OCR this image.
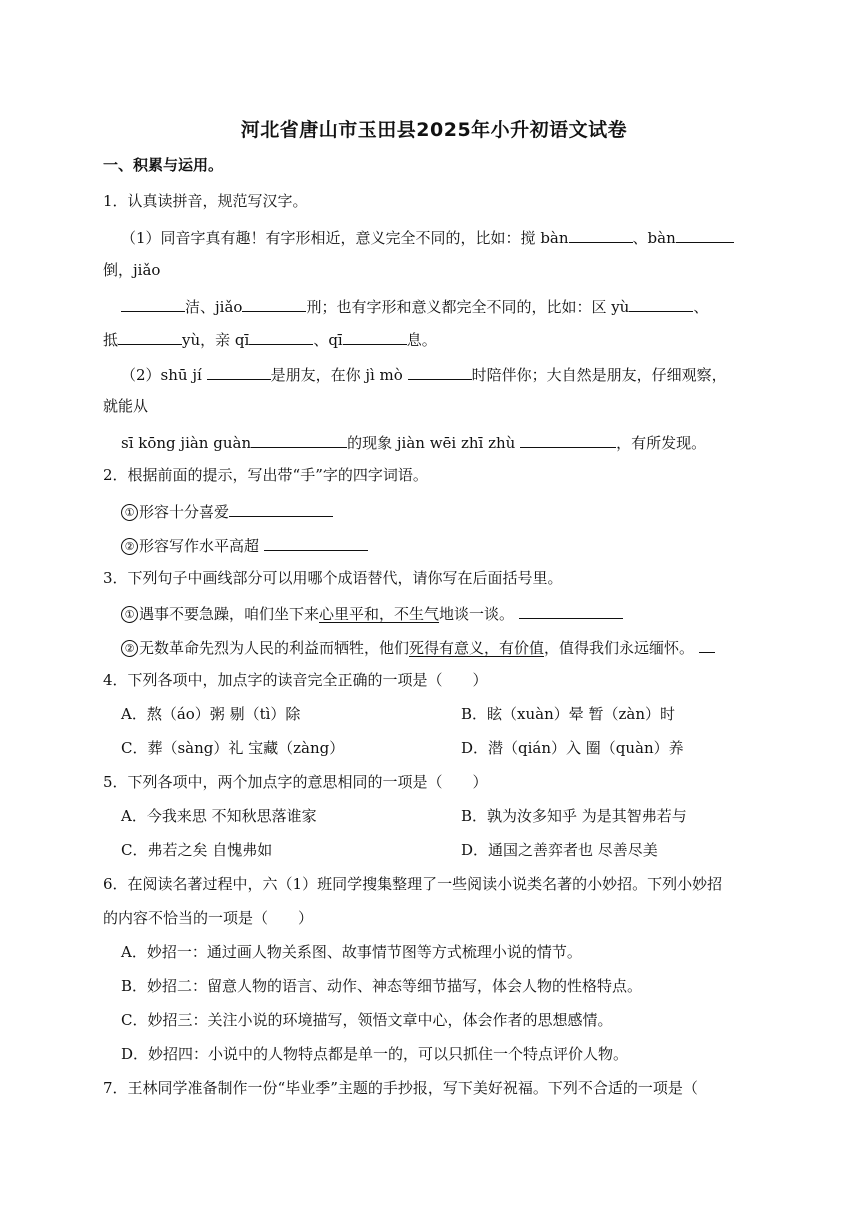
河北省唐山市玉田县2025年小升初语文试卷
一、积累与运用。
1．认真读拼音，规范写汉字。
（1）同音字真有趣！有字形相近，意义完全不同的，比如：搅 bàn	、bàn
倒，jiǎo
洁、jiǎo	刑；也有字形和意义都完全不同的，比如：区 yù	、
抵	yù，亲 qī	、qī	息。
（2）shū jí	是朋友，在你 jì mò	时陪伴你；大自然是朋友，仔细观察，
就能从
sī kōng jiàn guàn	的现象 jiàn wēi zhī zhù	，有所发现。
2．根据前面的提示，写出带“手”字的四字词语。
① 形容十分喜爱
② 形容写作水平高超
3．下列句子中画线部分可以用哪个成语替代，请你写在后面括号里。
① 遇事不要急躁，咱们坐下来心里平和，不生气地谈一谈。
② 无数革命先烈为人民的利益而牺牲，他们死得有意义，有价值，值得我们永远缅怀。
4．下列各项中，加点字的读音完全正确的一项是（　　）
A．熬（áo）粥 剔（tì）除	B．眩（xuàn）晕 暂（zàn）时
C．葬（sàng）礼 宝藏（zàng）	D．潜（qián）入 圈（quàn）养
5．下列各项中，两个加点字的意思相同的一项是（　　）
A．今我来思 不知秋思落谁家	B．孰为汝多知乎 为是其智弗若与
C．弗若之矣 自愧弗如	D．通国之善弈者也 尽善尽美
6．在阅读名著过程中，六（1）班同学搜集整理了一些阅读小说类名著的小妙招。下列小妙招
的内容不恰当的一项是（　　）
A．妙招一：通过画人物关系图、故事情节图等方式梳理小说的情节。
B．妙招二：留意人物的语言、动作、神态等细节描写，体会人物的性格特点。
C．妙招三：关注小说的环境描写，领悟文章中心，体会作者的思想感情。
D．妙招四：小说中的人物特点都是单一的，可以只抓住一个特点评价人物。
7．王林同学准备制作一份“毕业季”主题的手抄报，写下美好祝福。下列不合适的一项是（
